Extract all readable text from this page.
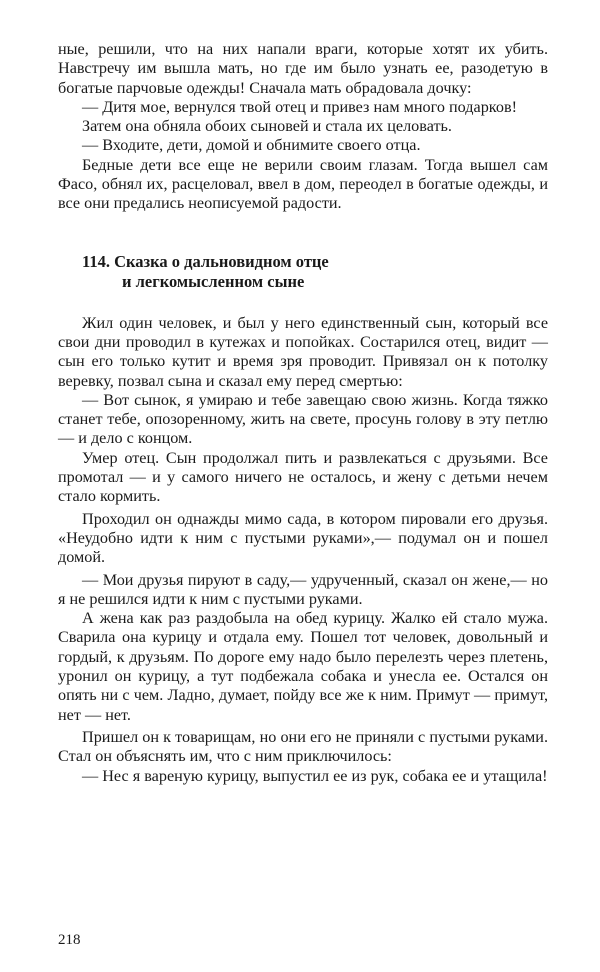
ные, решили, что на них напали враги, которые хотят их убить. Навстречу им вышла мать, но где им было узнать ее, разодетую в богатые парчовые одежды! Сначала мать обрадовала дочку:

— Дитя мое, вернулся твой отец и привез нам много подарков!

Затем она обняла обоих сыновей и стала их целовать.

— Входите, дети, домой и обнимите своего отца.

Бедные дети все еще не верили своим глазам. Тогда вышел сам Фасо, обнял их, расцеловал, ввел в дом, переодел в богатые одежды, и все они предались неописуемой радости.

114. Сказка о дальновидном отце
и легкомысленном сыне

Жил один человек, и был у него единственный сын, который все свои дни проводил в кутежах и попойках. Состарился отец, видит — сын его только кутит и время зря проводит. Привязал он к потолку веревку, позвал сына и сказал ему перед смертью:

— Вот сынок, я умираю и тебе завещаю свою жизнь. Когда тяжко станет тебе, опозоренному, жить на свете, просунь голову в эту петлю — и дело с концом.

Умер отец. Сын продолжал пить и развлекаться с друзьями. Все промотал — и у самого ничего не осталось, и жену с детьми нечем стало кормить.

Проходил он однажды мимо сада, в котором пировали его друзья. «Неудобно идти к ним с пустыми руками»,— подумал он и пошел домой.

— Мои друзья пируют в саду,— удрученный, сказал он жене,— но я не решился идти к ним с пустыми руками.

А жена как раз раздобыла на обед курицу. Жалко ей стало мужа. Сварила она курицу и отдала ему. Пошел тот человек, довольный и гордый, к друзьям. По дороге ему надо было перелезть через плетень, уронил он курицу, а тут подбежала собака и унесла ее. Остался он опять ни с чем. Ладно, думает, пойду все же к ним. Примут — примут, нет — нет.

Пришел он к товарищам, но они его не приняли с пустыми руками. Стал он объяснять им, что с ним приключилось:

— Нес я вареную курицу, выпустил ее из рук, собака ее и утащила!

218
